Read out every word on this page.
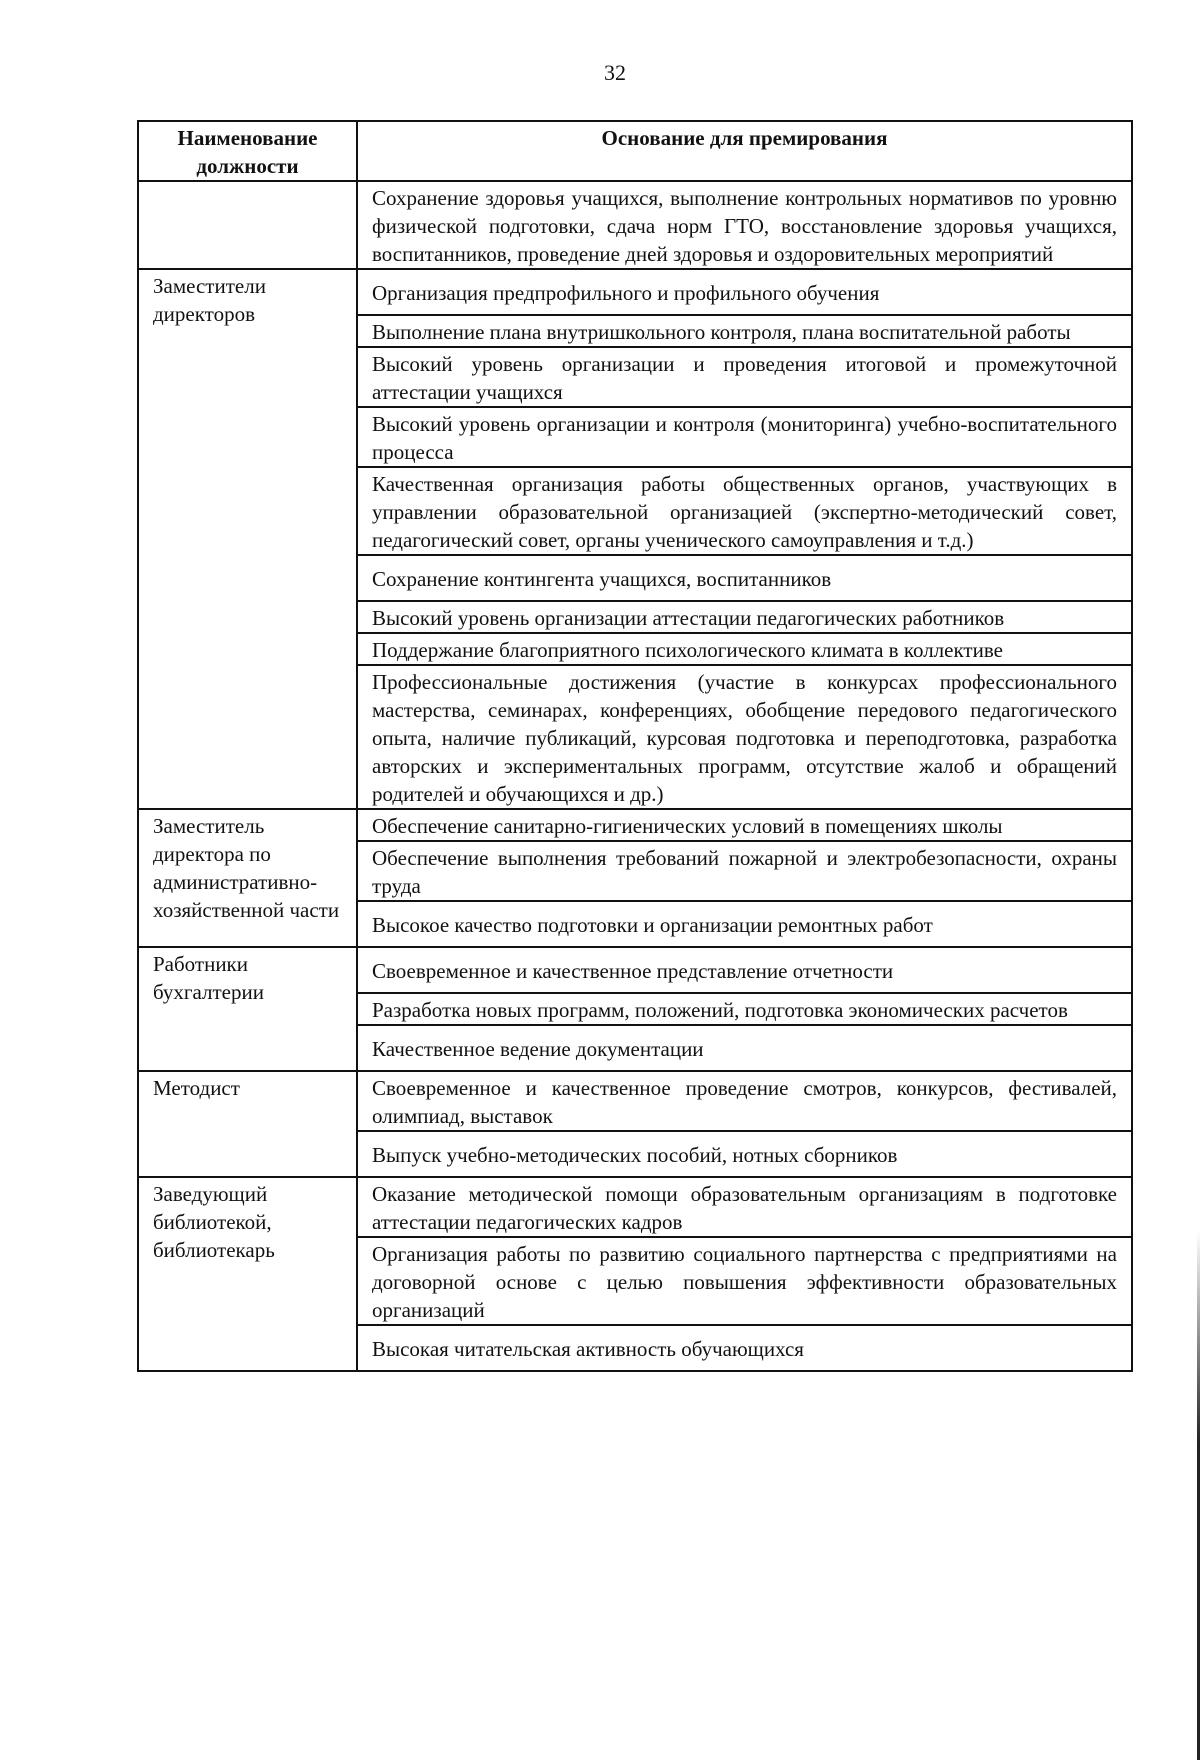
32
Наименование должности	Основание для премирования
	Сохранение здоровья учащихся, выполнение контрольных нормативов по уровню физической подготовки, сдача норм ГТО, восстановление здоровья учащихся, воспитанников, проведение дней здоровья и оздоровительных мероприятий
Заместители директоров	Организация предпрофильного и профильного обучения
	Выполнение плана внутришкольного контроля, плана воспитательной работы
	Высокий уровень организации и проведения итоговой и промежуточной аттестации учащихся
	Высокий уровень организации и контроля (мониторинга) учебно-воспитательного процесса
	Качественная организация работы общественных органов, участвующих в управлении образовательной организацией (экспертно-методический совет, педагогический совет, органы ученического самоуправления и т.д.)
	Сохранение контингента учащихся, воспитанников
	Высокий уровень организации аттестации педагогических работников
	Поддержание благоприятного психологического климата в коллективе
	Профессиональные достижения (участие в конкурсах профессионального мастерства, семинарах, конференциях, обобщение передового педагогического опыта, наличие публикаций, курсовая подготовка и переподготовка, разработка авторских и экспериментальных программ, отсутствие жалоб и обращений родителей и обучающихся и др.)
Заместитель директора по административно-хозяйственной части	Обеспечение санитарно-гигиенических условий в помещениях школы
	Обеспечение выполнения требований пожарной и электробезопасности, охраны труда
	Высокое качество подготовки и организации ремонтных работ
Работники бухгалтерии	Своевременное и качественное представление отчетности
	Разработка новых программ, положений, подготовка экономических расчетов
	Качественное ведение документации
Методист	Своевременное и качественное проведение смотров, конкурсов, фестивалей, олимпиад, выставок
	Выпуск учебно-методических пособий, нотных сборников
Заведующий библиотекой, библиотекарь	Оказание методической помощи образовательным организациям в подготовке аттестации педагогических кадров
	Организация работы по развитию социального партнерства с предприятиями на договорной основе с целью повышения эффективности образовательных организаций
	Высокая читательская активность обучающихся
